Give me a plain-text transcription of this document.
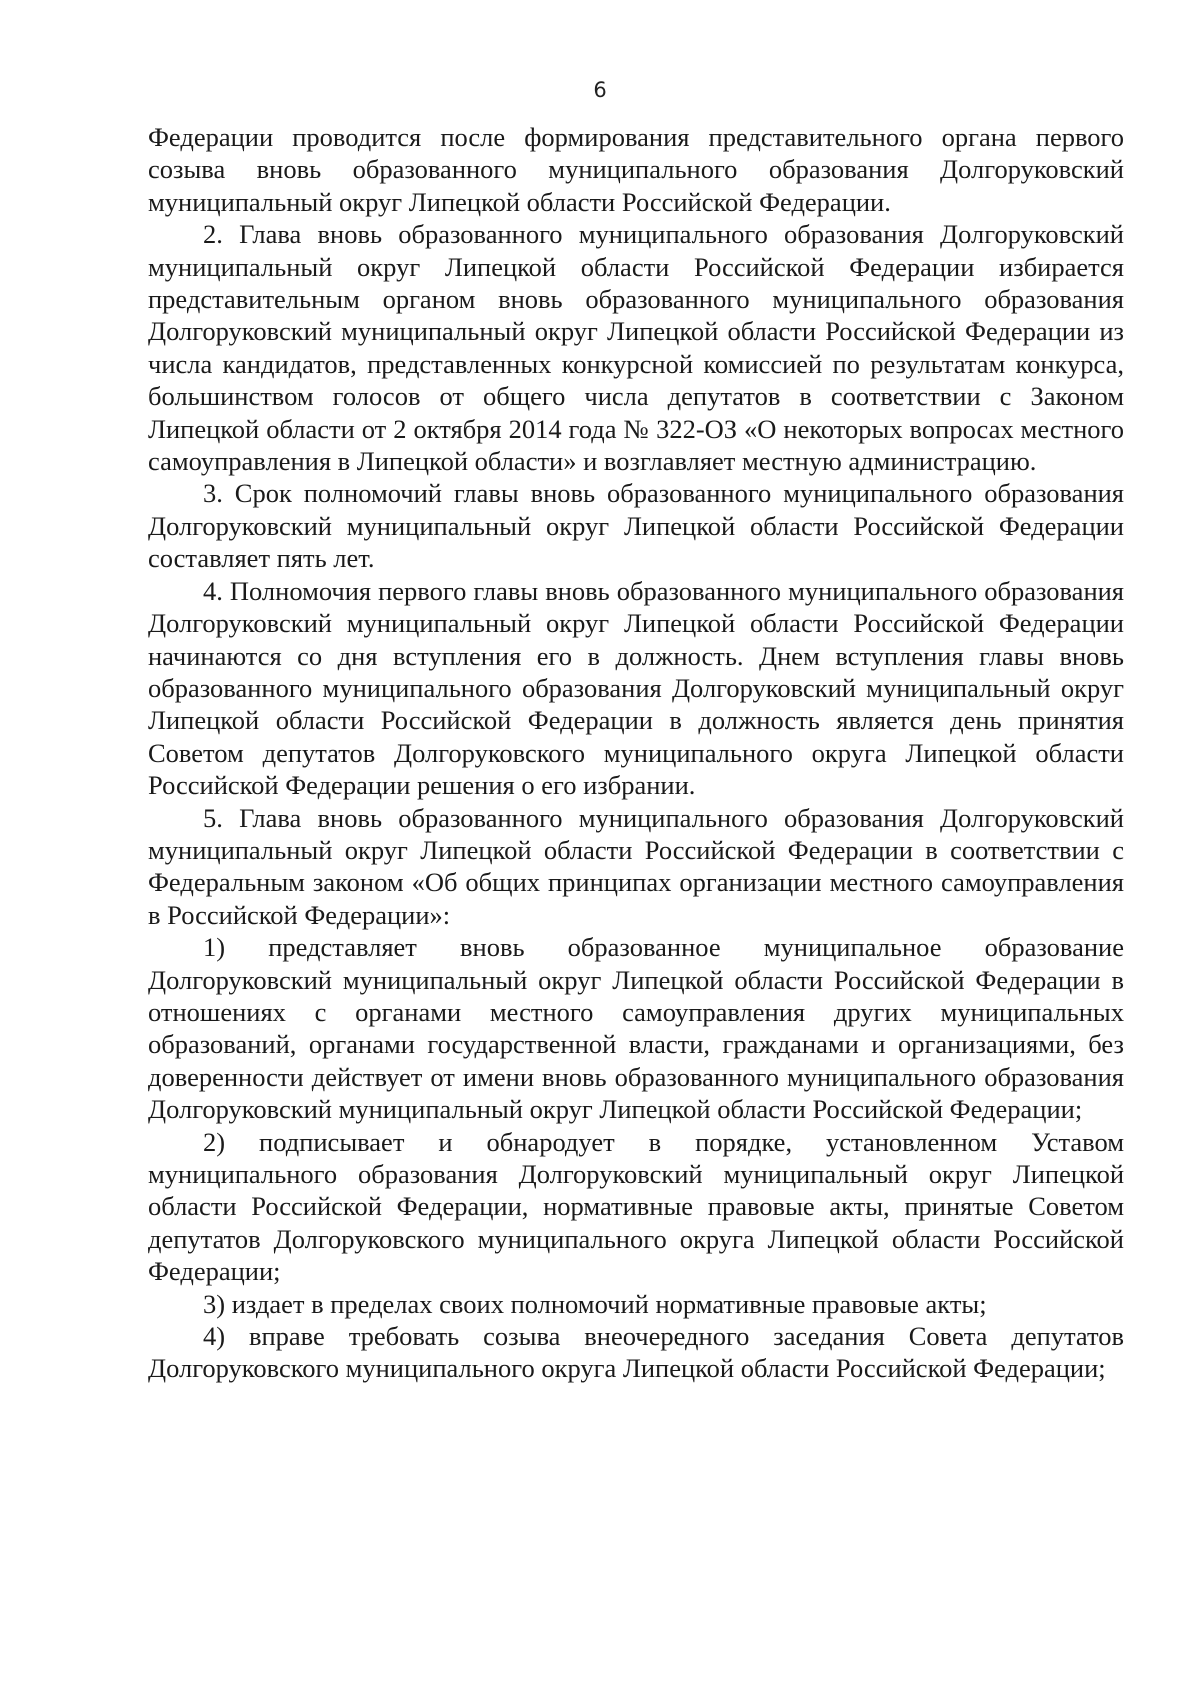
6

Федерации проводится после формирования представительного органа первого созыва вновь образованного муниципального образования Долгоруковский муниципальный округ Липецкой области Российской Федерации.

2. Глава вновь образованного муниципального образования Долгоруковский муниципальный округ Липецкой области Российской Федерации избирается представительным органом вновь образованного муниципального образования Долгоруковский муниципальный округ Липецкой области Российской Федерации из числа кандидатов, представленных конкурсной комиссией по результатам конкурса, большинством голосов от общего числа депутатов в соответствии с Законом Липецкой области от 2 октября 2014 года № 322-ОЗ «О некоторых вопросах местного самоуправления в Липецкой области» и возглавляет местную администрацию.

3. Срок полномочий главы вновь образованного муниципального образования Долгоруковский муниципальный округ Липецкой области Российской Федерации составляет пять лет.

4. Полномочия первого главы вновь образованного муниципального образования Долгоруковский муниципальный округ Липецкой области Российской Федерации начинаются со дня вступления его в должность. Днем вступления главы вновь образованного муниципального образования Долгоруковский муниципальный округ Липецкой области Российской Федерации в должность является день принятия Советом депутатов Долгоруковского муниципального округа Липецкой области Российской Федерации решения о его избрании.

5. Глава вновь образованного муниципального образования Долгоруковский муниципальный округ Липецкой области Российской Федерации в соответствии с Федеральным законом «Об общих принципах организации местного самоуправления в Российской Федерации»:

1) представляет вновь образованное муниципальное образование Долгоруковский муниципальный округ Липецкой области Российской Федерации в отношениях с органами местного самоуправления других муниципальных образований, органами государственной власти, гражданами и организациями, без доверенности действует от имени вновь образованного муниципального образования Долгоруковский муниципальный округ Липецкой области Российской Федерации;

2) подписывает и обнародует в порядке, установленном Уставом муниципального образования Долгоруковский муниципальный округ Липецкой области Российской Федерации, нормативные правовые акты, принятые Советом депутатов Долгоруковского муниципального округа Липецкой области Российской Федерации;

3) издает в пределах своих полномочий нормативные правовые акты;

4) вправе требовать созыва внеочередного заседания Совета депутатов Долгоруковского муниципального округа Липецкой области Российской Федерации;
